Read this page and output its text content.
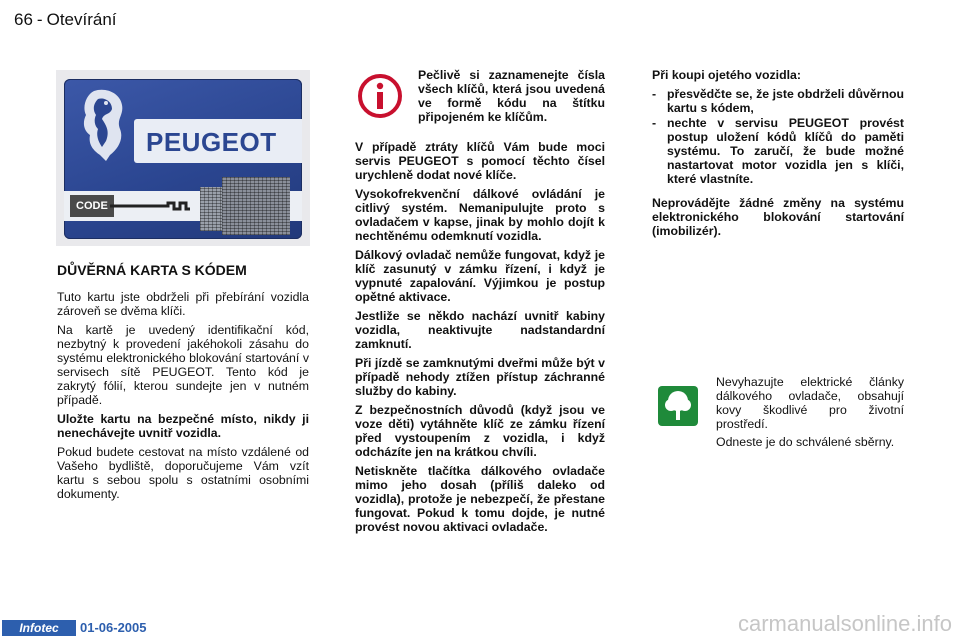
66 - Otevírání
PEUGEOT
CODE
DŮVĚRNÁ KARTA S KÓDEM

Tuto kartu jste obdrželi při přebírání vozidla zároveň se dvěma klíči.

Na kartě je uvedený identifikační kód, nezbytný k provedení jakéhokoli zásahu do systému elektronického blokování startování v servisech sítě PEUGEOT. Tento kód je zakrytý fólií, kterou sundejte jen v nutném případě.

Uložte kartu na bezpečné místo, nikdy ji nenechávejte uvnitř vozidla.

Pokud budete cestovat na místo vzdálené od Vašeho bydliště, doporučujeme Vám vzít kartu s sebou spolu s ostatními osobními dokumenty.

Pečlivě si zaznamenejte čísla všech klíčů, která jsou uvedená ve formě kódu na štítku připojeném ke klíčům.

V případě ztráty klíčů Vám bude moci servis PEUGEOT s pomocí těchto čísel urychleně dodat nové klíče.

Vysokofrekvenční dálkové ovládání je citlivý systém. Nemanipulujte proto s ovladačem v kapse, jinak by mohlo dojít k nechtěnému odemknutí vozidla.

Dálkový ovladač nemůže fungovat, když je klíč zasunutý v zámku řízení, i když je vypnuté zapalování. Výjimkou je postup opětné aktivace.

Jestliže se někdo nachází uvnitř kabiny vozidla, neaktivujte nadstandardní zamknutí.

Při jízdě se zamknutými dveřmi může být v případě nehody ztížen přístup záchranné služby do kabiny.

Z bezpečnostních důvodů (když jsou ve voze děti) vytáhněte klíč ze zámku řízení před vystoupením z vozidla, i když odcházíte jen na krátkou chvíli.

Netiskněte tlačítka dálkového ovladače mimo jeho dosah (příliš daleko od vozidla), protože je nebezpečí, že přestane fungovat. Pokud k tomu dojde, je nutné provést novou aktivaci ovladače.

Při koupi ojetého vozidla:

- přesvědčte se, že jste obdrželi důvěrnou kartu s kódem,
- nechte v servisu PEUGEOT provést postup uložení kódů klíčů do paměti systému. To zaručí, že bude možné nastartovat motor vozidla jen s klíči, které vlastníte.

Neprovádějte žádné změny na systému elektronického blokování startování (imobilizér).

Nevyhazujte elektrické články dálkového ovladače, obsahují kovy škodlivé pro životní prostředí.

Odneste je do schválené sběrny.

Infotec	01-06-2005	carmanualsonline.info
